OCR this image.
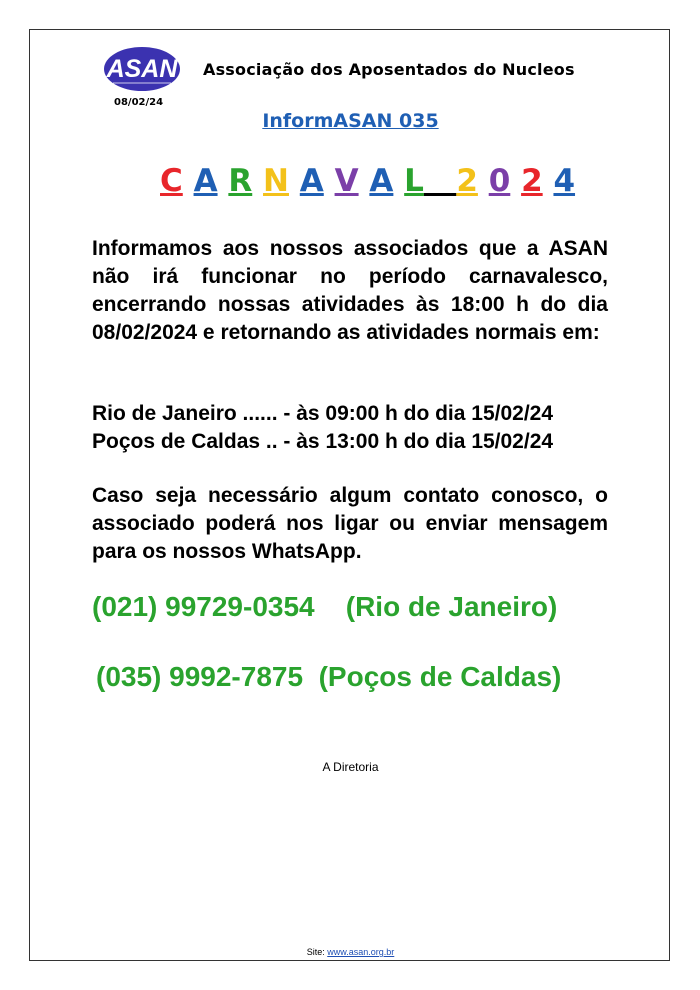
ASAN
08/02/24
Associação dos Aposentados do Nucleos
InformASAN 035
C A R N A V A L 2 0 2 4
Informamos aos nossos associados que a ASAN não irá funcionar no período carnavalesco, encerrando nossas atividades às 18:00 h do dia 08/02/2024 e retornando as atividades normais em:
Rio de Janeiro ...... - às 09:00 h do dia 15/02/24
Poços de Caldas .. - às 13:00 h do dia 15/02/24
Caso seja necessário algum contato conosco, o associado poderá nos ligar ou enviar mensagem para os nossos WhatsApp.
(021) 99729-0354 (Rio de Janeiro)
(035) 9992-7875 (Poços de Caldas)
A Diretoria
Site: www.asan.org.br
